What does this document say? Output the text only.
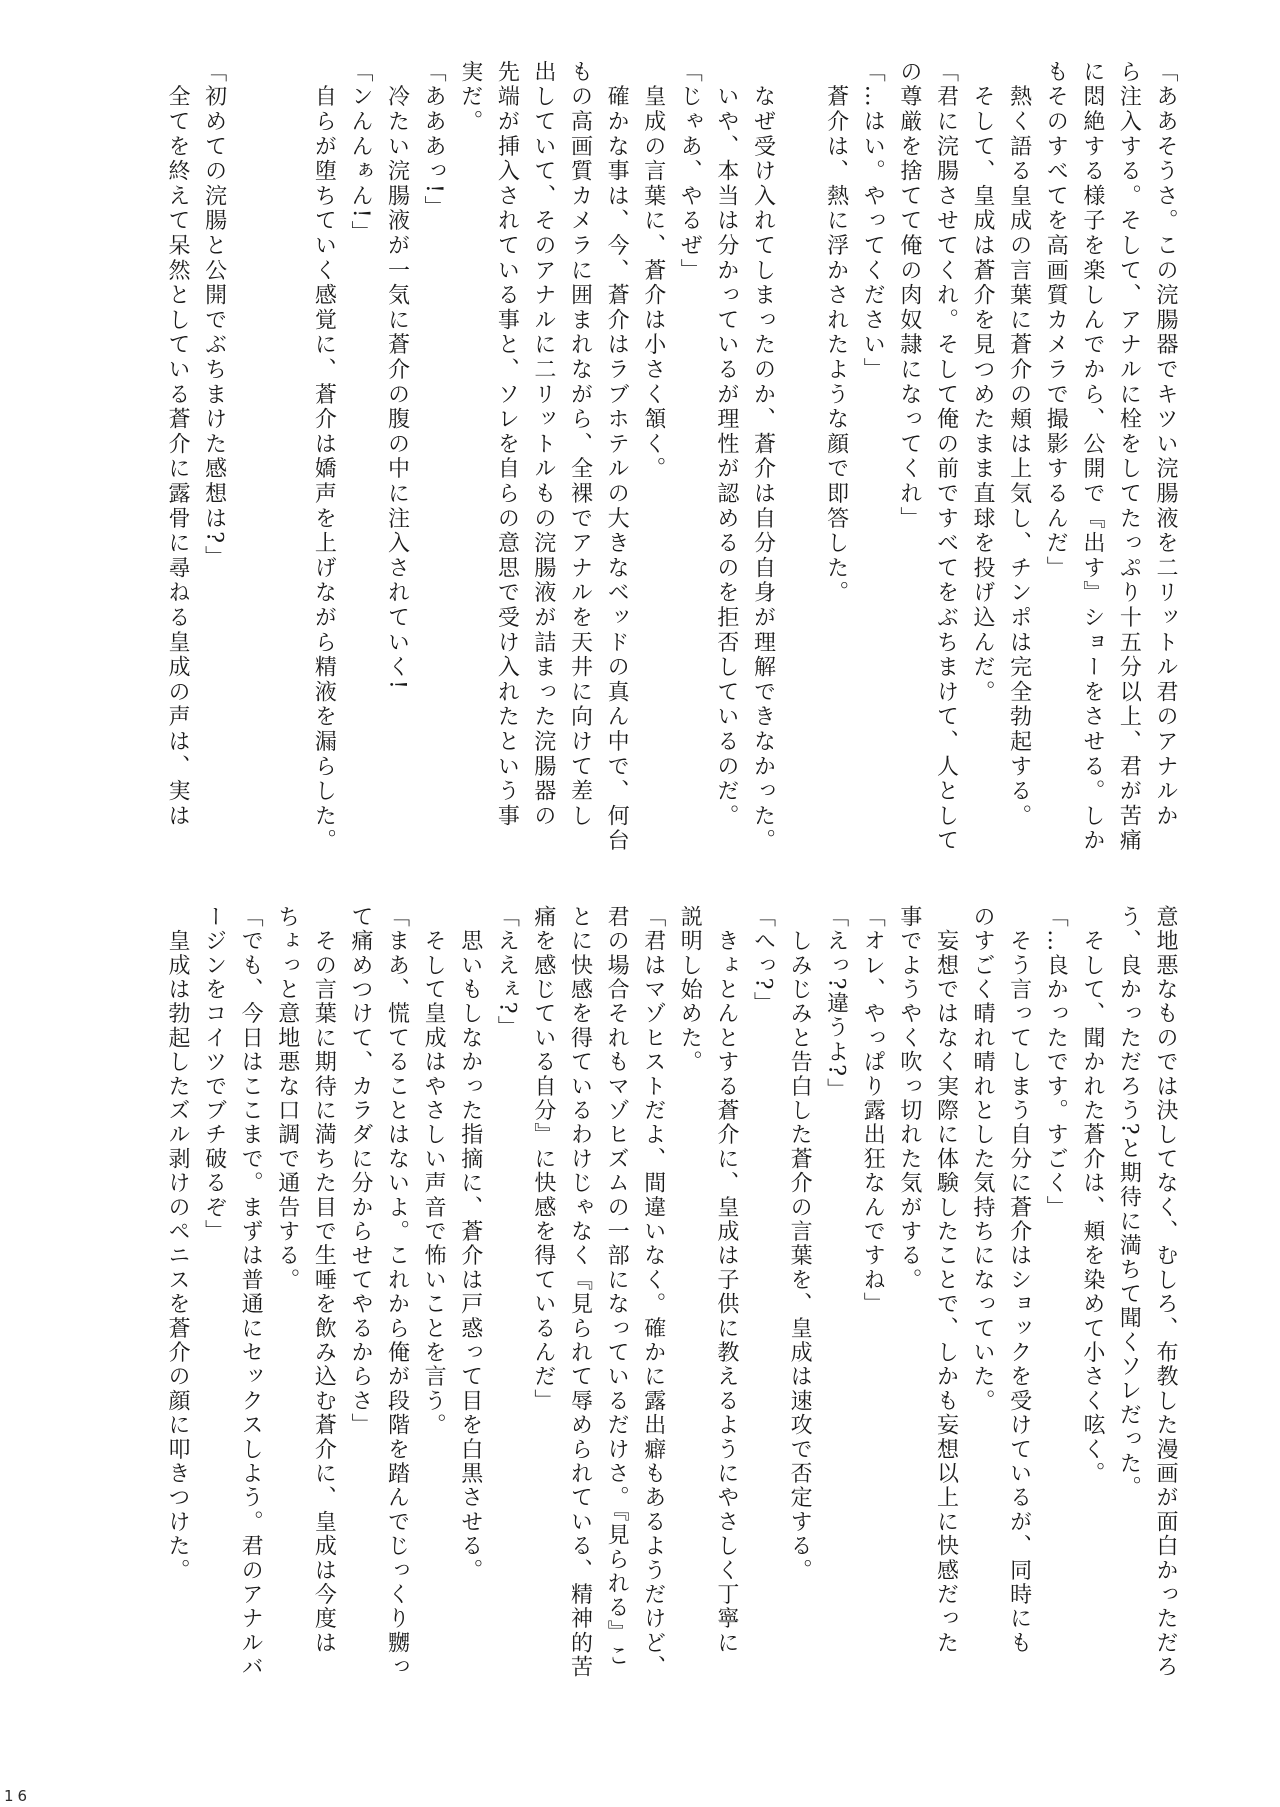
「ああそうさ。この浣腸器でキツい浣腸液を二リットル君のアナルか

ら注入する。そして、アナルに栓をしてたっぷり十五分以上、君が苦痛

に悶絶する様子を楽しんでから、公開で『出す』ショーをさせる。しか

もそのすべてを高画質カメラで撮影するんだ」

　熱く語る皇成の言葉に蒼介の頬は上気し、チンポは完全勃起する。

　そして、皇成は蒼介を見つめたまま直球を投げ込んだ。

「君に浣腸させてくれ。そして俺の前ですべてをぶちまけて、人として

の尊厳を捨てて俺の肉奴隷になってくれ」

「…はい。やってください」

　蒼介は、熱に浮かされたような顔で即答した。

　なぜ受け入れてしまったのか、蒼介は自分自身が理解できなかった。

　いや、本当は分かっているが理性が認めるのを拒否しているのだ。

「じゃあ、やるぜ」

　皇成の言葉に、蒼介は小さく頷く。

　確かな事は、今、蒼介はラブホテルの大きなベッドの真ん中で、何台

もの高画質カメラに囲まれながら、全裸でアナルを天井に向けて差し

出していて、そのアナルに二リットルもの浣腸液が詰まった浣腸器の

先端が挿入されている事と、ソレを自らの意思で受け入れたという事

実だ。

「あああっ!」

　冷たい浣腸液が一気に蒼介の腹の中に注入されていく!

「ンんんぁん!」

　自らが堕ちていく感覚に、蒼介は嬌声を上げながら精液を漏らした。

「初めての浣腸と公開でぶちまけた感想は?」

　全てを終えて呆然としている蒼介に露骨に尋ねる皇成の声は、実は

意地悪なものでは決してなく、むしろ、布教した漫画が面白かっただろ

う、良かっただろう?と期待に満ちて聞くソレだった。

　そして、聞かれた蒼介は、頬を染めて小さく呟く。

「…良かったです。すごく」

　そう言ってしまう自分に蒼介はショックを受けているが、同時にも

のすごく晴れ晴れとした気持ちになっていた。

　妄想ではなく実際に体験したことで、しかも妄想以上に快感だった

事でようやく吹っ切れた気がする。

「オレ、やっぱり露出狂なんですね」

「えっ?違うよ?」

　しみじみと告白した蒼介の言葉を、皇成は速攻で否定する。

「へっ?」

　きょとんとする蒼介に、皇成は子供に教えるようにやさしく丁寧に

説明し始めた。

「君はマゾヒストだよ、間違いなく。確かに露出癖もあるようだけど、

君の場合それもマゾヒズムの一部になっているだけさ。『見られる』こ

とに快感を得ているわけじゃなく『見られて辱められている、精神的苦

痛を感じている自分』に快感を得ているんだ」

「ええぇ?」

　思いもしなかった指摘に、蒼介は戸惑って目を白黒させる。

　そして皇成はやさしい声音で怖いことを言う。

「まあ、慌てることはないよ。これから俺が段階を踏んでじっくり嬲っ

て痛めつけて、カラダに分からせてやるからさ」

　その言葉に期待に満ちた目で生唾を飲み込む蒼介に、皇成は今度は

ちょっと意地悪な口調で通告する。

「でも、今日はここまで。まずは普通にセックスしよう。君のアナルバ

ージンをコイツでブチ破るぞ」

　皇成は勃起したズル剥けのペニスを蒼介の顔に叩きつけた。

16
